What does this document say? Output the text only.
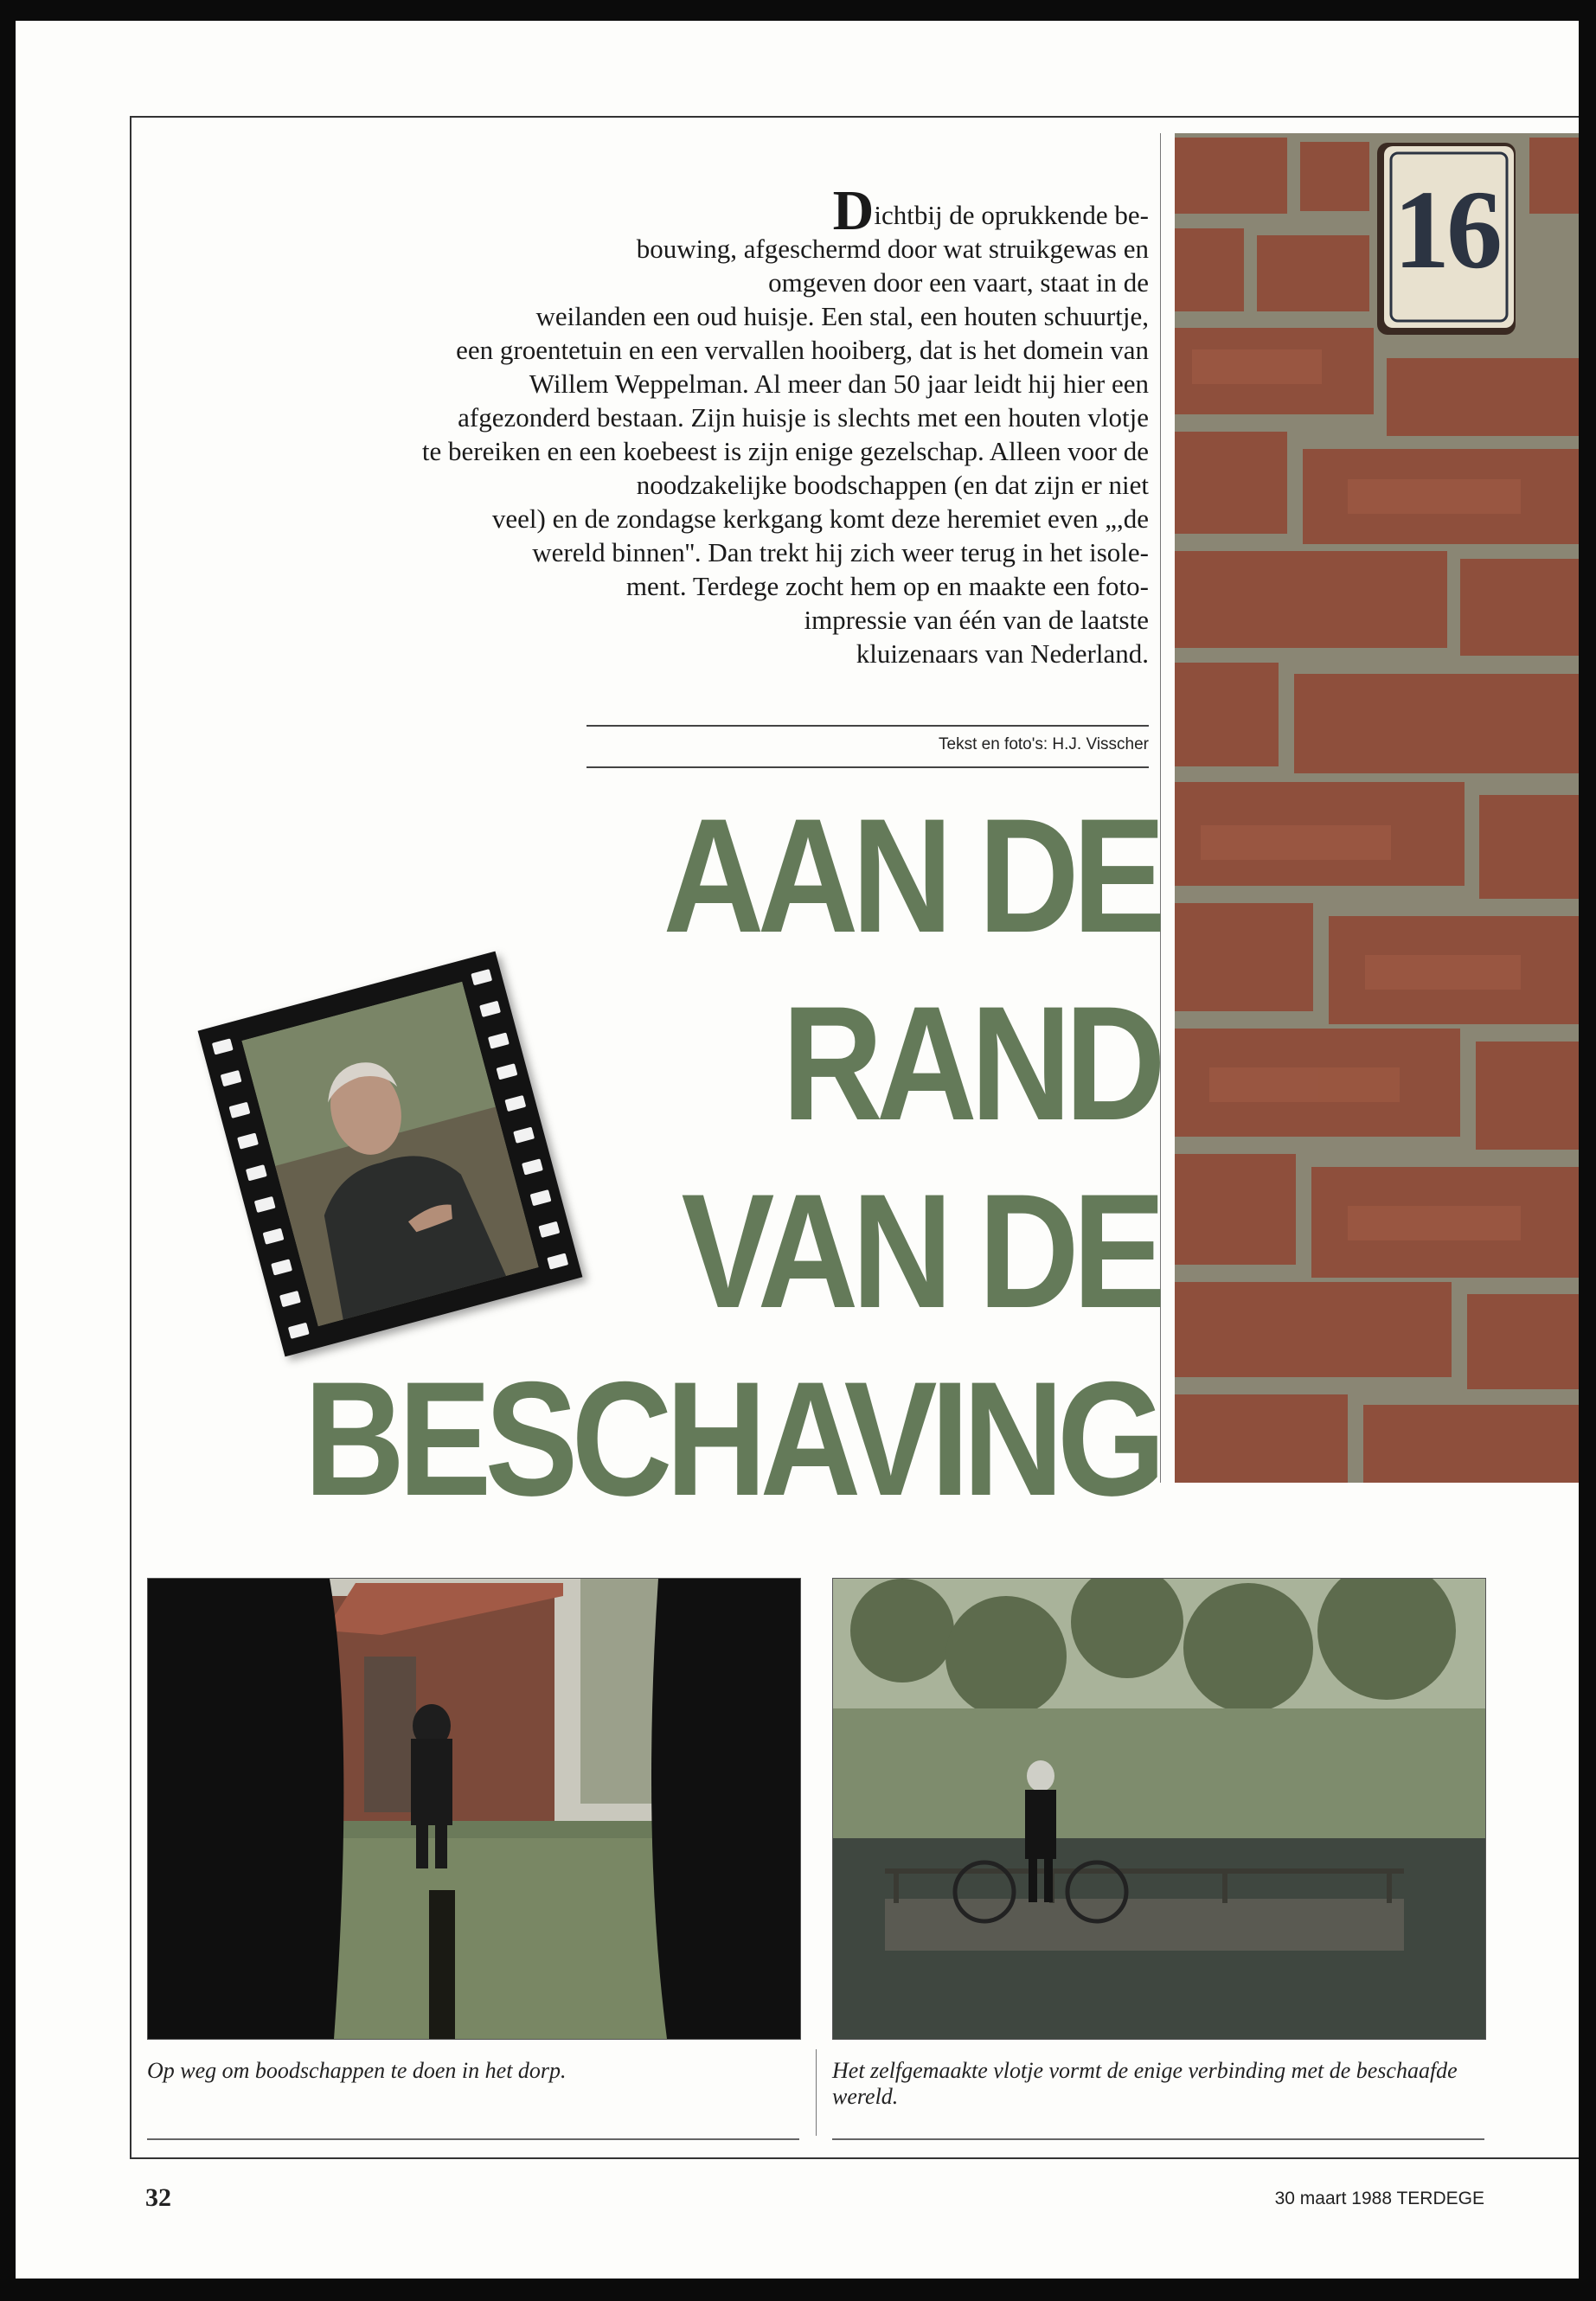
Dichtbij de oprukkende be-
bouwing, afgeschermd door wat struikgewas en
omgeven door een vaart, staat in de
weilanden een oud huisje. Een stal, een houten schuurtje,
een groentetuin en een vervallen hooiberg, dat is het domein van
Willem Weppelman. Al meer dan 50 jaar leidt hij hier een
afgezonderd bestaan. Zijn huisje is slechts met een houten vlotje
te bereiken en een koebeest is zijn enige gezelschap. Alleen voor de
noodzakelijke boodschappen (en dat zijn er niet
veel) en de zondagse kerkgang komt deze heremiet even „,de
wereld binnen''. Dan trekt hij zich weer terug in het isole-
ment. Terdege zocht hem op en maakte een foto-
impressie van één van de laatste
kluizenaars van Nederland.

Tekst en foto's: H.J. Visscher
AAN DE
RAND
VAN DE
BESCHAVING
16

Op weg om boodschappen te doen in het dorp.	Het zelfgemaakte vlotje vormt de enige verbinding met de beschaafde wereld.

32	30 maart 1988 TERDEGE
